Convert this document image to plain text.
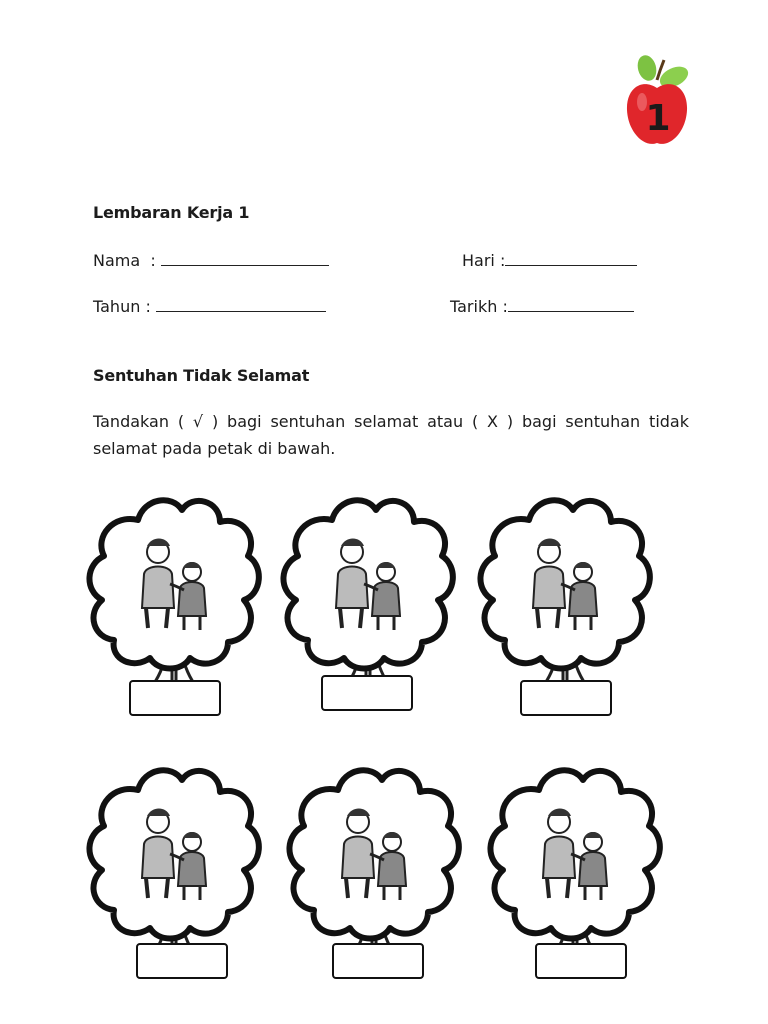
1
Lembaran Kerja 1
Nama  :	Hari :
Tahun :	Tarikh :
Sentuhan Tidak Selamat
Tandakan ( √ ) bagi sentuhan selamat atau ( X ) bagi sentuhan tidak selamat pada petak di bawah.
